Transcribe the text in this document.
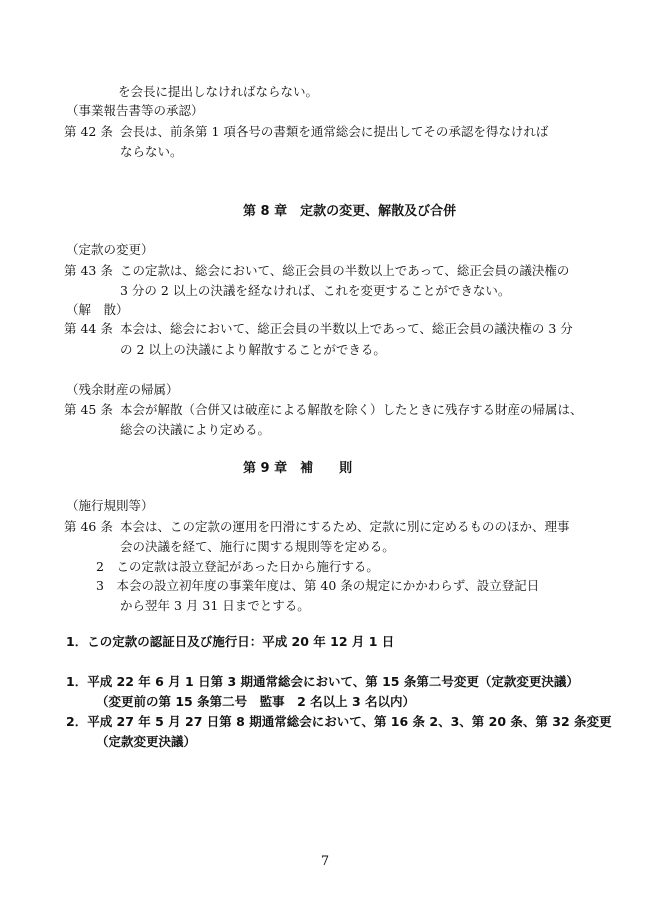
を会長に提出しなければならない。
（事業報告書等の承認）
第 42 条 会長は、前条第 1 項各号の書類を通常総会に提出してその承認を得なければ
ならない。
第 8 章　定款の変更、解散及び合併
（定款の変更）
第 43 条 この定款は、総会において、総正会員の半数以上であって、総正会員の議決権の
3 分の 2 以上の決議を経なければ、これを変更することができない。
（解　散）
第 44 条 本会は、総会において、総正会員の半数以上であって、総正会員の議決権の 3 分
の 2 以上の決議により解散することができる。
（残余財産の帰属）
第 45 条 本会が解散（合併又は破産による解散を除く）したときに残存する財産の帰属は、
総会の決議により定める。
第 9 章　補　　則
（施行規則等）
第 46 条 本会は、この定款の運用を円滑にするため、定款に別に定めるもののほか、理事
会の決議を経て、施行に関する規則等を定める。
2　この定款は設立登記があった日から施行する。
3　本会の設立初年度の事業年度は、第 40 条の規定にかかわらず、設立登記日
から翌年 3 月 31 日までとする。
1．この定款の認証日及び施行日：平成 20 年 12 月 1 日
1．平成 22 年 6 月 1 日第 3 期通常総会において、第 15 条第二号変更（定款変更決議）
（変更前の第 15 条第二号　監事　2 名以上 3 名以内）
2．平成 27 年 5 月 27 日第 8 期通常総会において、第 16 条 2、3、第 20 条、第 32 条変更
（定款変更決議）
7
